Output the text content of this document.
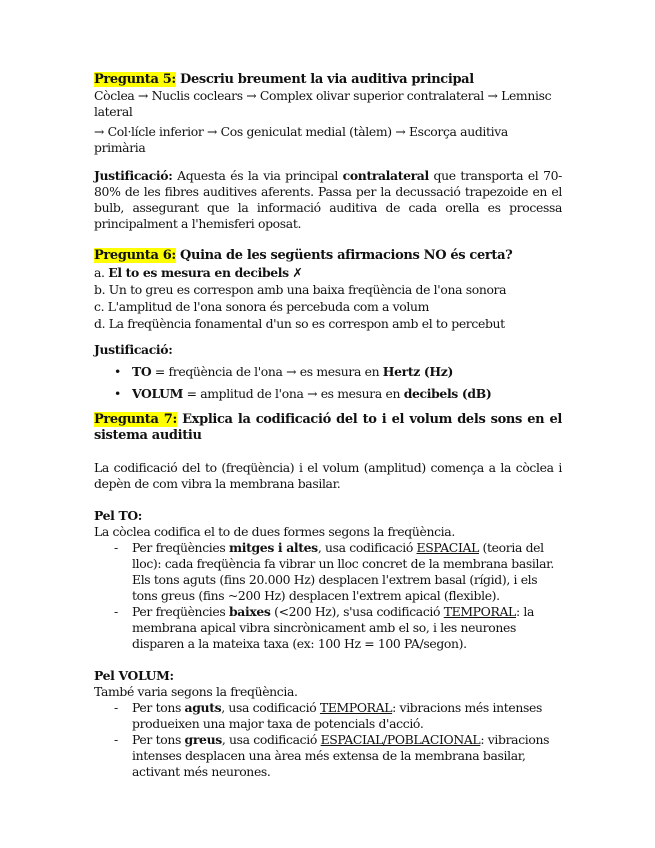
Pregunta 5: Descriu breument la via auditiva principal

Còclea → Nuclis coclears → Complex olivar superior contralateral → Lemnisc lateral

→ Col·lícle inferior → Cos geniculat medial (tàlem) → Escorça auditiva primària

Justificació: Aquesta és la via principal contralateral que transporta el 70-80% de les fibres auditives aferents. Passa per la decussació trapezoide en el bulb, assegurant que la informació auditiva de cada orella es processa principalment a l'hemisferi oposat.

Pregunta 6: Quina de les següents afirmacions NO és certa?

a. El to es mesura en decibels ✗

b. Un to greu es correspon amb una baixa freqüència de l'ona sonora

c. L'amplitud de l'ona sonora és percebuda com a volum

d. La freqüència fonamental d'un so es correspon amb el to percebut

Justificació:

• TO = freqüència de l'ona → es mesura en Hertz (Hz)
• VOLUM = amplitud de l'ona → es mesura en decibels (dB)

Pregunta 7: Explica la codificació del to i el volum dels sons en el sistema auditiu

La codificació del to (freqüència) i el volum (amplitud) comença a la còclea i depèn de com vibra la membrana basilar.

Pel TO:

La còclea codifica el to de dues formes segons la freqüència.

- Per freqüències mitges i altes, usa codificació ESPACIAL (teoria del lloc): cada freqüència fa vibrar un lloc concret de la membrana basilar. Els tons aguts (fins 20.000 Hz) desplacen l'extrem basal (rígid), i els tons greus (fins ~200 Hz) desplacen l'extrem apical (flexible).
- Per freqüències baixes (<200 Hz), s'usa codificació TEMPORAL: la membrana apical vibra sincrònicament amb el so, i les neurones disparen a la mateixa taxa (ex: 100 Hz = 100 PA/segon).

Pel VOLUM:

També varia segons la freqüència.

- Per tons aguts, usa codificació TEMPORAL: vibracions més intenses produeixen una major taxa de potencials d'acció.
- Per tons greus, usa codificació ESPACIAL/POBLACIONAL: vibracions intenses desplacen una àrea més extensa de la membrana basilar, activant més neurones.
